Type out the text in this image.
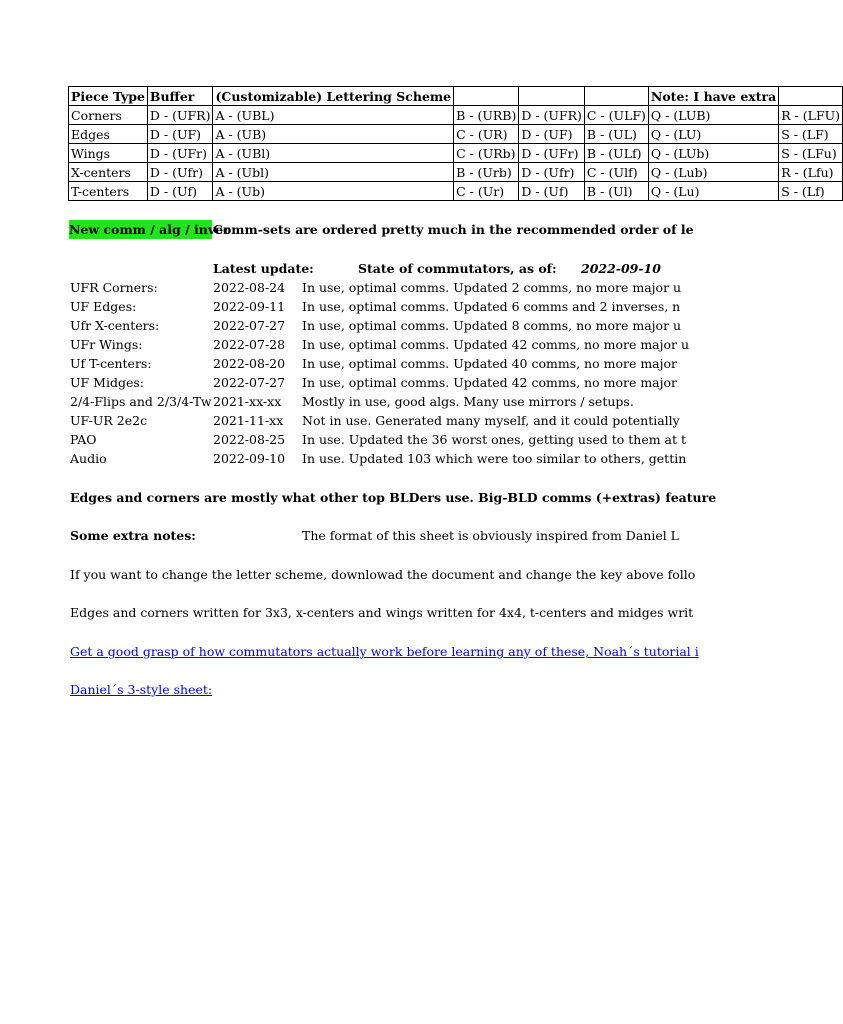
Piece Type	Buffer	(Customizable) Lettering Scheme				Note: I have extra	
Corners	D - (UFR)	A - (UBL)	B - (URB)	D - (UFR)	C - (ULF)	Q - (LUB)	R - (LFU)
Edges	D - (UF)	A - (UB)	C - (UR)	D - (UF)	B - (UL)	Q - (LU)	S - (LF)
Wings	D - (UFr)	A - (UBl)	C - (URb)	D - (UFr)	B - (ULf)	Q - (LUb)	S - (LFu)
X-centers	D - (Ufr)	A - (Ubl)	B - (Urb)	D - (Ufr)	C - (Ulf)	Q - (Lub)	R - (Lfu)
T-centers	D - (Uf)	A - (Ub)	C - (Ur)	D - (Uf)	B - (Ul)	Q - (Lu)	S - (Lf)
New comm / alg / inver
Comm-sets are ordered pretty much in the recommended order of le
Latest update:	State of commutators, as of: 2022-09-10
UFR Corners:	2022-08-24 In use, optimal comms. Updated 2 comms, no more major u
UF Edges:	2022-09-11 In use, optimal comms. Updated 6 comms and 2 inverses, n
Ufr X-centers:	2022-07-27 In use, optimal comms. Updated 8 comms, no more major u
UFr Wings:	2022-07-28 In use, optimal comms. Updated 42 comms, no more major u
Uf T-centers:	2022-08-20 In use, optimal comms. Updated 40 comms, no more major
UF Midges:	2022-07-27 In use, optimal comms. Updated 42 comms, no more major
2/4-Flips and 2/3/4-Tw 2021-xx-xx Mostly in use, good algs. Many use mirrors / setups.
UF-UR 2e2c	2021-11-xx Not in use. Generated many myself, and it could potentially
PAO	2022-08-25 In use. Updated the 36 worst ones, getting used to them at t
Audio	2022-09-10 In use. Updated 103 which were too similar to others, gettin
Edges and corners are mostly what other top BLDers use. Big-BLD comms (+extras) feature
Some extra notes:	The format of this sheet is obviously inspired from Daniel L
If you want to change the letter scheme, downlowad the document and change the key above follo
Edges and corners written for 3x3, x-centers and wings written for 4x4, t-centers and midges writ
Get a good grasp of how commutators actually work before learning any of these, Noah´s tutorial i
Daniel´s 3-style sheet:
